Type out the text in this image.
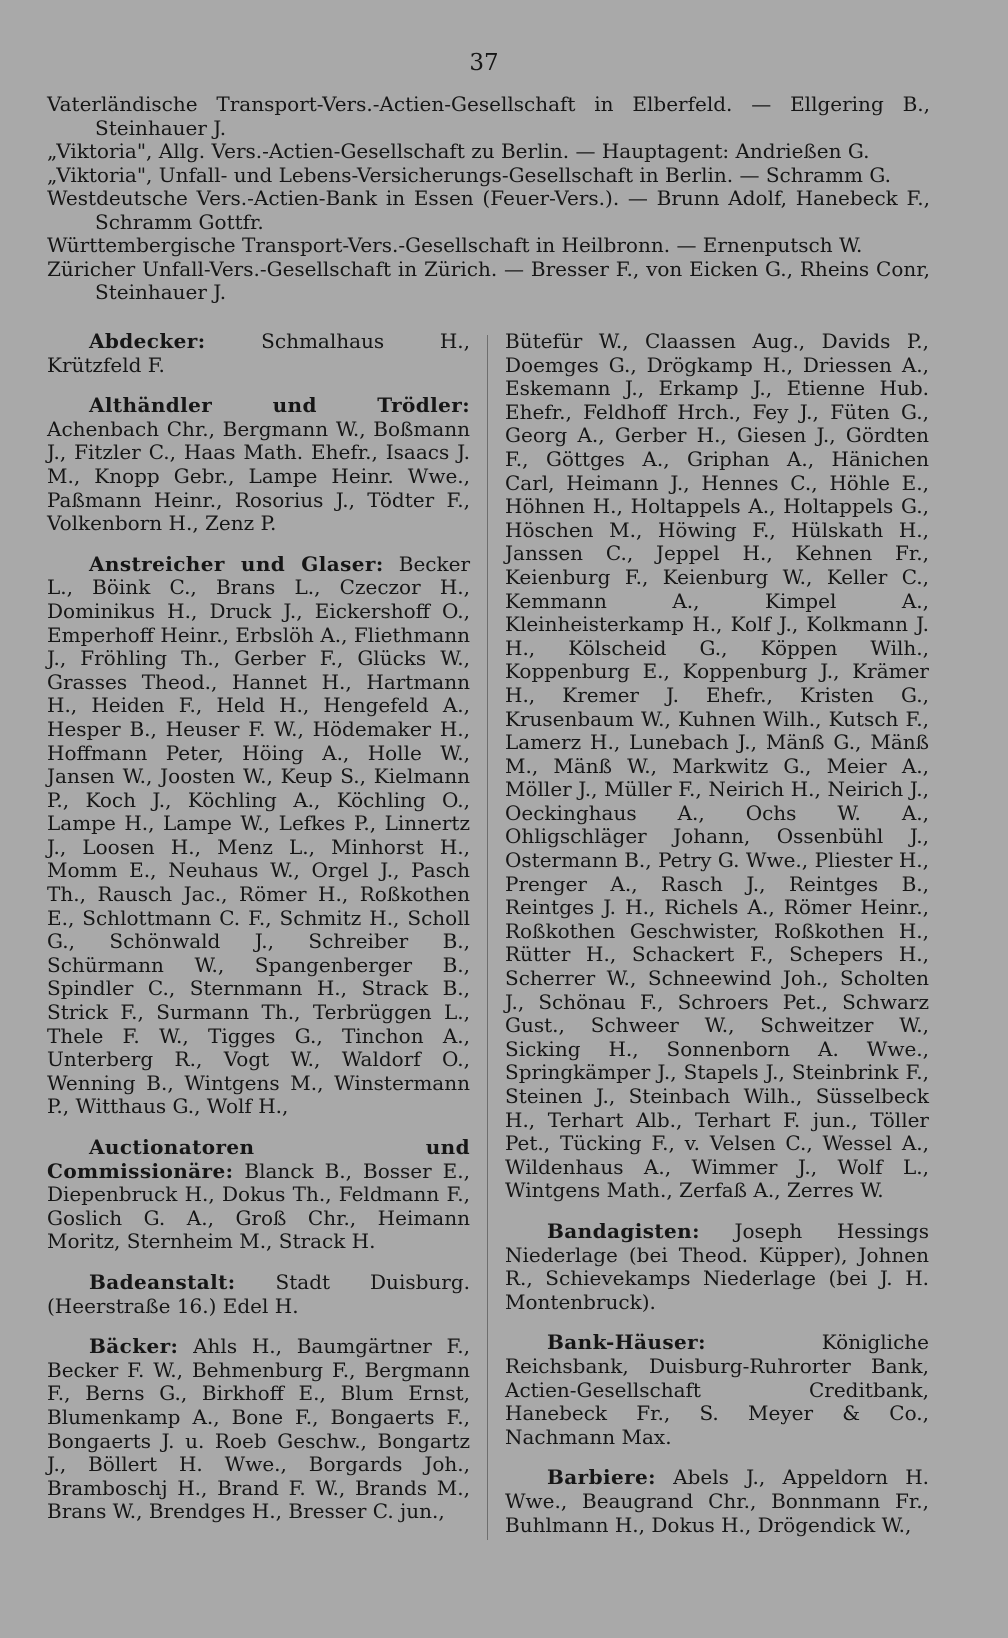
37

Vaterländische Transport-Vers.-Actien-Gesellschaft in Elberfeld. — Ellgering B., Steinhauer J.

„Viktoria", Allg. Vers.-Actien-Gesellschaft zu Berlin. — Hauptagent: Andrießen G.

„Viktoria", Unfall- und Lebens-Versicherungs-Gesellschaft in Berlin. — Schramm G.

Westdeutsche Vers.-Actien-Bank in Essen (Feuer-Vers.). — Brunn Adolf, Hanebeck F., Schramm Gottfr.

Württembergische Transport-Vers.-Gesellschaft in Heilbronn. — Ernenputsch W.

Züricher Unfall-Vers.-Gesellschaft in Zürich. — Bresser F., von Eicken G., Rheins Conr, Steinhauer J.

Abdecker:	Schmalhaus H., Krützfeld F.

Althändler und Trödler: Achenbach Chr., Bergmann W., Boßmann J., Fitzler C., Haas Math. Ehefr., Isaacs J. M., Knopp Gebr., Lampe Heinr. Wwe., Paßmann Heinr., Rosorius J., Tödter F., Volkenborn H., Zenz P.

Anstreicher und Glaser: Becker L., Böink C., Brans L., Czeczor H., Dominikus H., Druck J., Eickershoff O., Emperhoff Heinr., Erbslöh A., Fliethmann J., Fröhling Th., Gerber F., Glücks W., Grasses Theod., Hannet H., Hartmann H., Heiden F., Held H., Hengefeld A., Hesper B., Heuser F. W., Hödemaker H., Hoffmann Peter, Höing A., Holle W., Jansen W., Joosten W., Keup S., Kielmann P., Koch J., Köchling A., Köchling O., Lampe H., Lampe W., Lefkes P., Linnertz J., Loosen H., Menz L., Minhorst H., Momm E., Neuhaus W., Orgel J., Pasch Th., Rausch Jac., Römer H., Roßkothen E., Schlottmann C. F., Schmitz H., Scholl G., Schönwald J., Schreiber B., Schürmann W., Spangenberger B., Spindler C., Sternmann H., Strack B., Strick F., Surmann Th., Terbrüggen L., Thele F. W., Tigges G., Tinchon A., Unterberg R., Vogt W., Waldorf O., Wenning B., Wintgens M., Winstermann P., Witthaus G., Wolf H.,

Auctionatoren und Commissionäre: Blanck B., Bosser E., Diepenbruck H., Dokus Th., Feldmann F., Goslich G. A., Groß Chr., Heimann Moritz, Sternheim M., Strack H.

Badeanstalt: Stadt Duisburg. (Heerstraße 16.) Edel H.

Bäcker: Ahls H., Baumgärtner F., Becker F. W., Behmenburg F., Bergmann F., Berns G., Birkhoff E., Blum Ernst, Blumenkamp A., Bone F., Bongaerts F., Bongaerts J. u. Roeb Geschw., Bongartz J., Böllert H. Wwe., Borgards Joh., Bramboschj H., Brand F. W., Brands M., Brans W., Brendges H., Bresser C. jun.,

Bütefür W., Claassen Aug., Davids P., Doemges G., Drögkamp H., Driessen A., Eskemann J., Erkamp J., Etienne Hub. Ehefr., Feldhoff Hrch., Fey J., Füten G., Georg A., Gerber H., Giesen J., Gördten F., Göttges A., Griphan A., Hänichen Carl, Heimann J., Hennes C., Höhle E., Höhnen H., Holtappels A., Holtappels G., Höschen M., Höwing F., Hülskath H., Janssen C., Jeppel H., Kehnen Fr., Keienburg F., Keienburg W., Keller C., Kemmann A., Kimpel A., Kleinheisterkamp H., Kolf J., Kolkmann J. H., Kölscheid G., Köppen Wilh., Koppenburg E., Koppenburg J., Krämer H., Kremer J. Ehefr., Kristen G., Krusenbaum W., Kuhnen Wilh., Kutsch F., Lamerz H., Lunebach J., Mänß G., Mänß M., Mänß W., Markwitz G., Meier A., Möller J., Müller F., Neirich H., Neirich J., Oeckinghaus A., Ochs W. A., Ohligschläger Johann, Ossenbühl J., Ostermann B., Petry G. Wwe., Pliester H., Prenger A., Rasch J., Reintges B., Reintges J. H., Richels A., Römer Heinr., Roßkothen Geschwister, Roßkothen H., Rütter H., Schackert F., Schepers H., Scherrer W., Schneewind Joh., Scholten J., Schönau F., Schroers Pet., Schwarz Gust., Schweer W., Schweitzer W., Sicking H., Sonnenborn A. Wwe., Springkämper J., Stapels J., Steinbrink F., Steinen J., Steinbach Wilh., Süsselbeck H., Terhart Alb., Terhart F. jun., Töller Pet., Tücking F., v. Velsen C., Wessel A., Wildenhaus A., Wimmer J., Wolf L., Wintgens Math., Zerfaß A., Zerres W.

Bandagisten: Joseph Hessings Niederlage (bei Theod. Küpper), Johnen R., Schievekamps Niederlage (bei J. H. Montenbruck).

Bank-Häuser:	Königliche Reichsbank, Duisburg-Ruhrorter Bank, Actien-Gesellschaft Creditbank, Hanebeck Fr., S. Meyer & Co., Nachmann Max.

Barbiere: Abels J., Appeldorn H. Wwe., Beaugrand Chr., Bonnmann Fr., Buhlmann H., Dokus H., Drögendick W.,
